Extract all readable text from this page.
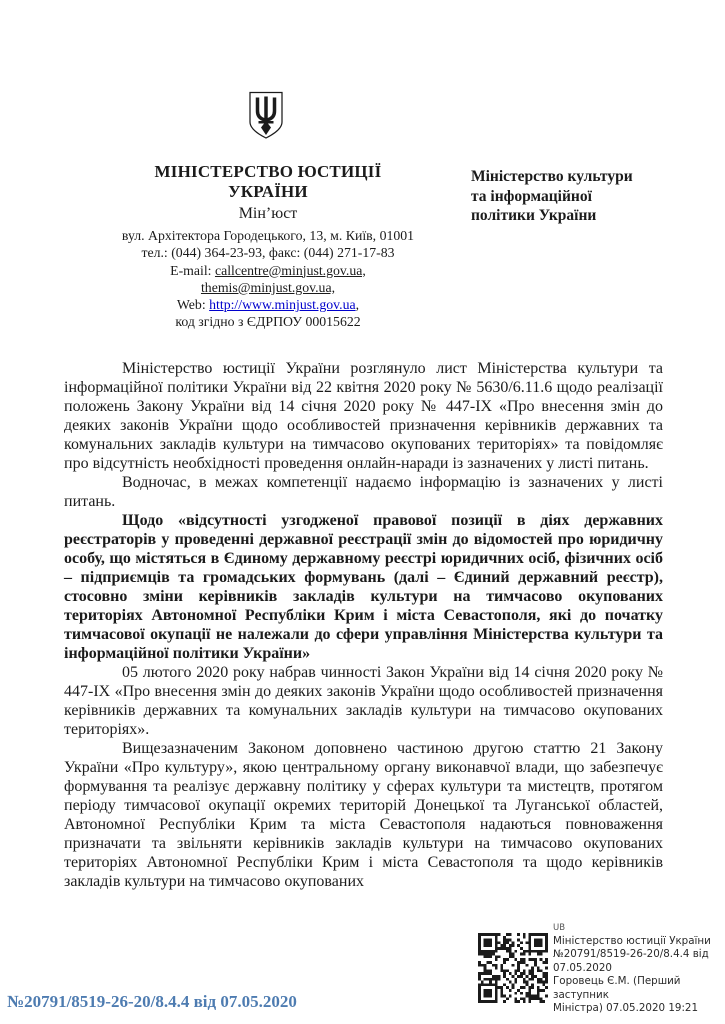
МІНІСТЕРСТВО ЮСТИЦІЇ
УКРАЇНИ
Мін’юст
вул. Архітектора Городецького, 13, м. Київ, 01001
тел.: (044) 364-23-93, факс: (044) 271-17-83
E-mail: callcentre@minjust.gov.ua,
themis@minjust.gov.ua,
Web: http://www.minjust.gov.ua,
код згідно з ЄДРПОУ 00015622
Міністерство культури
та інформаційної
політики України

Міністерство юстиції України розглянуло лист Міністерства культури та інформаційної політики України від 22 квітня 2020 року № 5630/6.11.6 щодо реалізації положень Закону України від 14 січня 2020 року № 447-ІХ «Про внесення змін до деяких законів України щодо особливостей призначення керівників державних та комунальних закладів культури на тимчасово окупованих територіях» та повідомляє про відсутність необхідності проведення онлайн-наради із зазначених у листі питань.

Водночас, в межах компетенції надаємо інформацію із зазначених у листі питань.

Щодо «відсутності узгодженої правової позиції в діях державних реєстраторів у проведенні державної реєстрації змін до відомостей про юридичну особу, що містяться в Єдиному державному реєстрі юридичних осіб, фізичних осіб – підприємців та громадських формувань (далі – Єдиний державний реєстр), стосовно зміни керівників закладів культури на тимчасово окупованих територіях Автономної Республіки Крим і міста Севастополя, які до початку тимчасової окупації не належали до сфери управління Міністерства культури та інформаційної політики України»

05 лютого 2020 року набрав чинності Закон України від 14 січня 2020 року № 447-ІХ «Про внесення змін до деяких законів України щодо особливостей призначення керівників державних та комунальних закладів культури на тимчасово окупованих територіях».

Вищезазначеним Законом доповнено частиною другою статтю 21 Закону України «Про культуру», якою центральному органу виконавчої влади, що забезпечує формування та реалізує державну політику у сферах культури та мистецтв, протягом періоду тимчасової окупації окремих територій Донецької та Луганської областей, Автономної Республіки Крим та міста Севастополя надаються повноваження призначати та звільняти керівників закладів культури на тимчасово окупованих територіях Автономної Республіки Крим і міста Севастополя та щодо керівників закладів культури на тимчасово окупованих

UB
Міністерство юстиції України
№20791/8519-26-20/8.4.4 від
07.05.2020
Горовець Є.М. (Перший заступник
Міністра) 07.05.2020 19:21
№20791/8519-26-20/8.4.4 від 07.05.2020
